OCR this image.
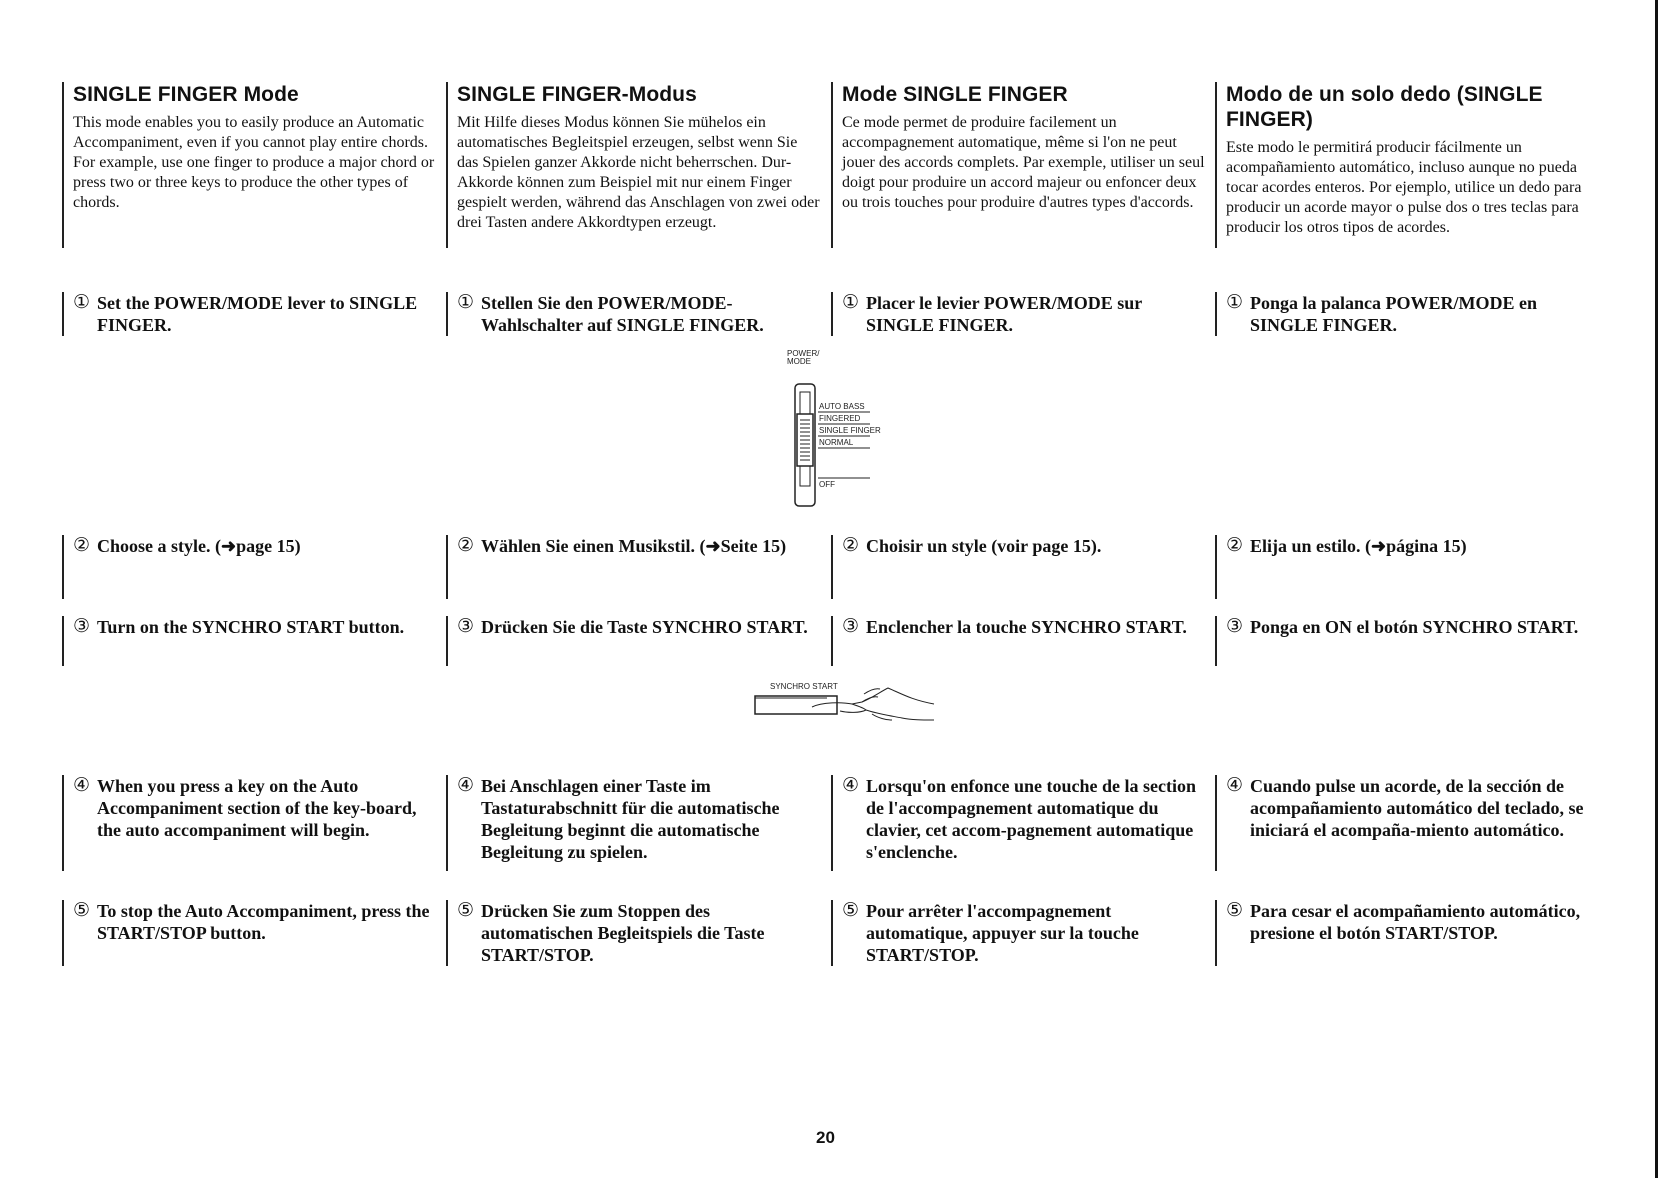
SINGLE FINGER Mode

This mode enables you to easily produce an Automatic Accompaniment, even if you cannot play entire chords. For example, use one finger to produce a major chord or press two or three keys to produce the other types of chords.

① Set the POWER/MODE lever to SINGLE FINGER.
② Choose a style. (➜page 15)
③ Turn on the SYNCHRO START button.
④ When you press a key on the Auto Accompaniment section of the key-board, the auto accompaniment will begin.
⑤ To stop the Auto Accompaniment, press the START/STOP button.
SINGLE FINGER-Modus

Mit Hilfe dieses Modus können Sie mühelos ein automatisches Begleitspiel erzeugen, selbst wenn Sie das Spielen ganzer Akkorde nicht beherrschen. Dur-Akkorde können zum Beispiel mit nur einem Finger gespielt werden, während das Anschlagen von zwei oder drei Tasten andere Akkordtypen erzeugt.

① Stellen Sie den POWER/MODE-Wahlschalter auf SINGLE FINGER.
② Wählen Sie einen Musikstil. (➜Seite 15)
③ Drücken Sie die Taste SYNCHRO START.
④ Bei Anschlagen einer Taste im Tastaturabschnitt für die automatische Begleitung beginnt die automatische Begleitung zu spielen.
⑤ Drücken Sie zum Stoppen des automatischen Begleitspiels die Taste START/STOP.
Mode SINGLE FINGER

Ce mode permet de produire facilement un accompagnement automatique, même si l'on ne peut jouer des accords complets. Par exemple, utiliser un seul doigt pour produire un accord majeur ou enfoncer deux ou trois touches pour produire d'autres types d'accords.

① Placer le levier POWER/MODE sur SINGLE FINGER.
② Choisir un style (voir page 15).
③ Enclencher la touche SYNCHRO START.
④ Lorsqu'on enfonce une touche de la section de l'accompagnement automatique du clavier, cet accom-pagnement automatique s'enclenche.
⑤ Pour arrêter l'accompagnement automatique, appuyer sur la touche START/STOP.
Modo de un solo dedo (SINGLE FINGER)

Este modo le permitirá producir fácilmente un acompañamiento automático, incluso aunque no pueda tocar acordes enteros. Por ejemplo, utilice un dedo para producir un acorde mayor o pulse dos o tres teclas para producir los otros tipos de acordes.

① Ponga la palanca POWER/MODE en SINGLE FINGER.
② Elija un estilo. (➜página 15)
③ Ponga en ON el botón SYNCHRO START.
④ Cuando pulse un acorde, de la sección de acompañamiento automático del teclado, se iniciará el acompaña-miento automático.
⑤ Para cesar el acompañamiento automático, presione el botón START/STOP.
POWER/ MODE
AUTO BASS
FINGERED
SINGLE FINGER
NORMAL
OFF
SYNCHRO START
20
